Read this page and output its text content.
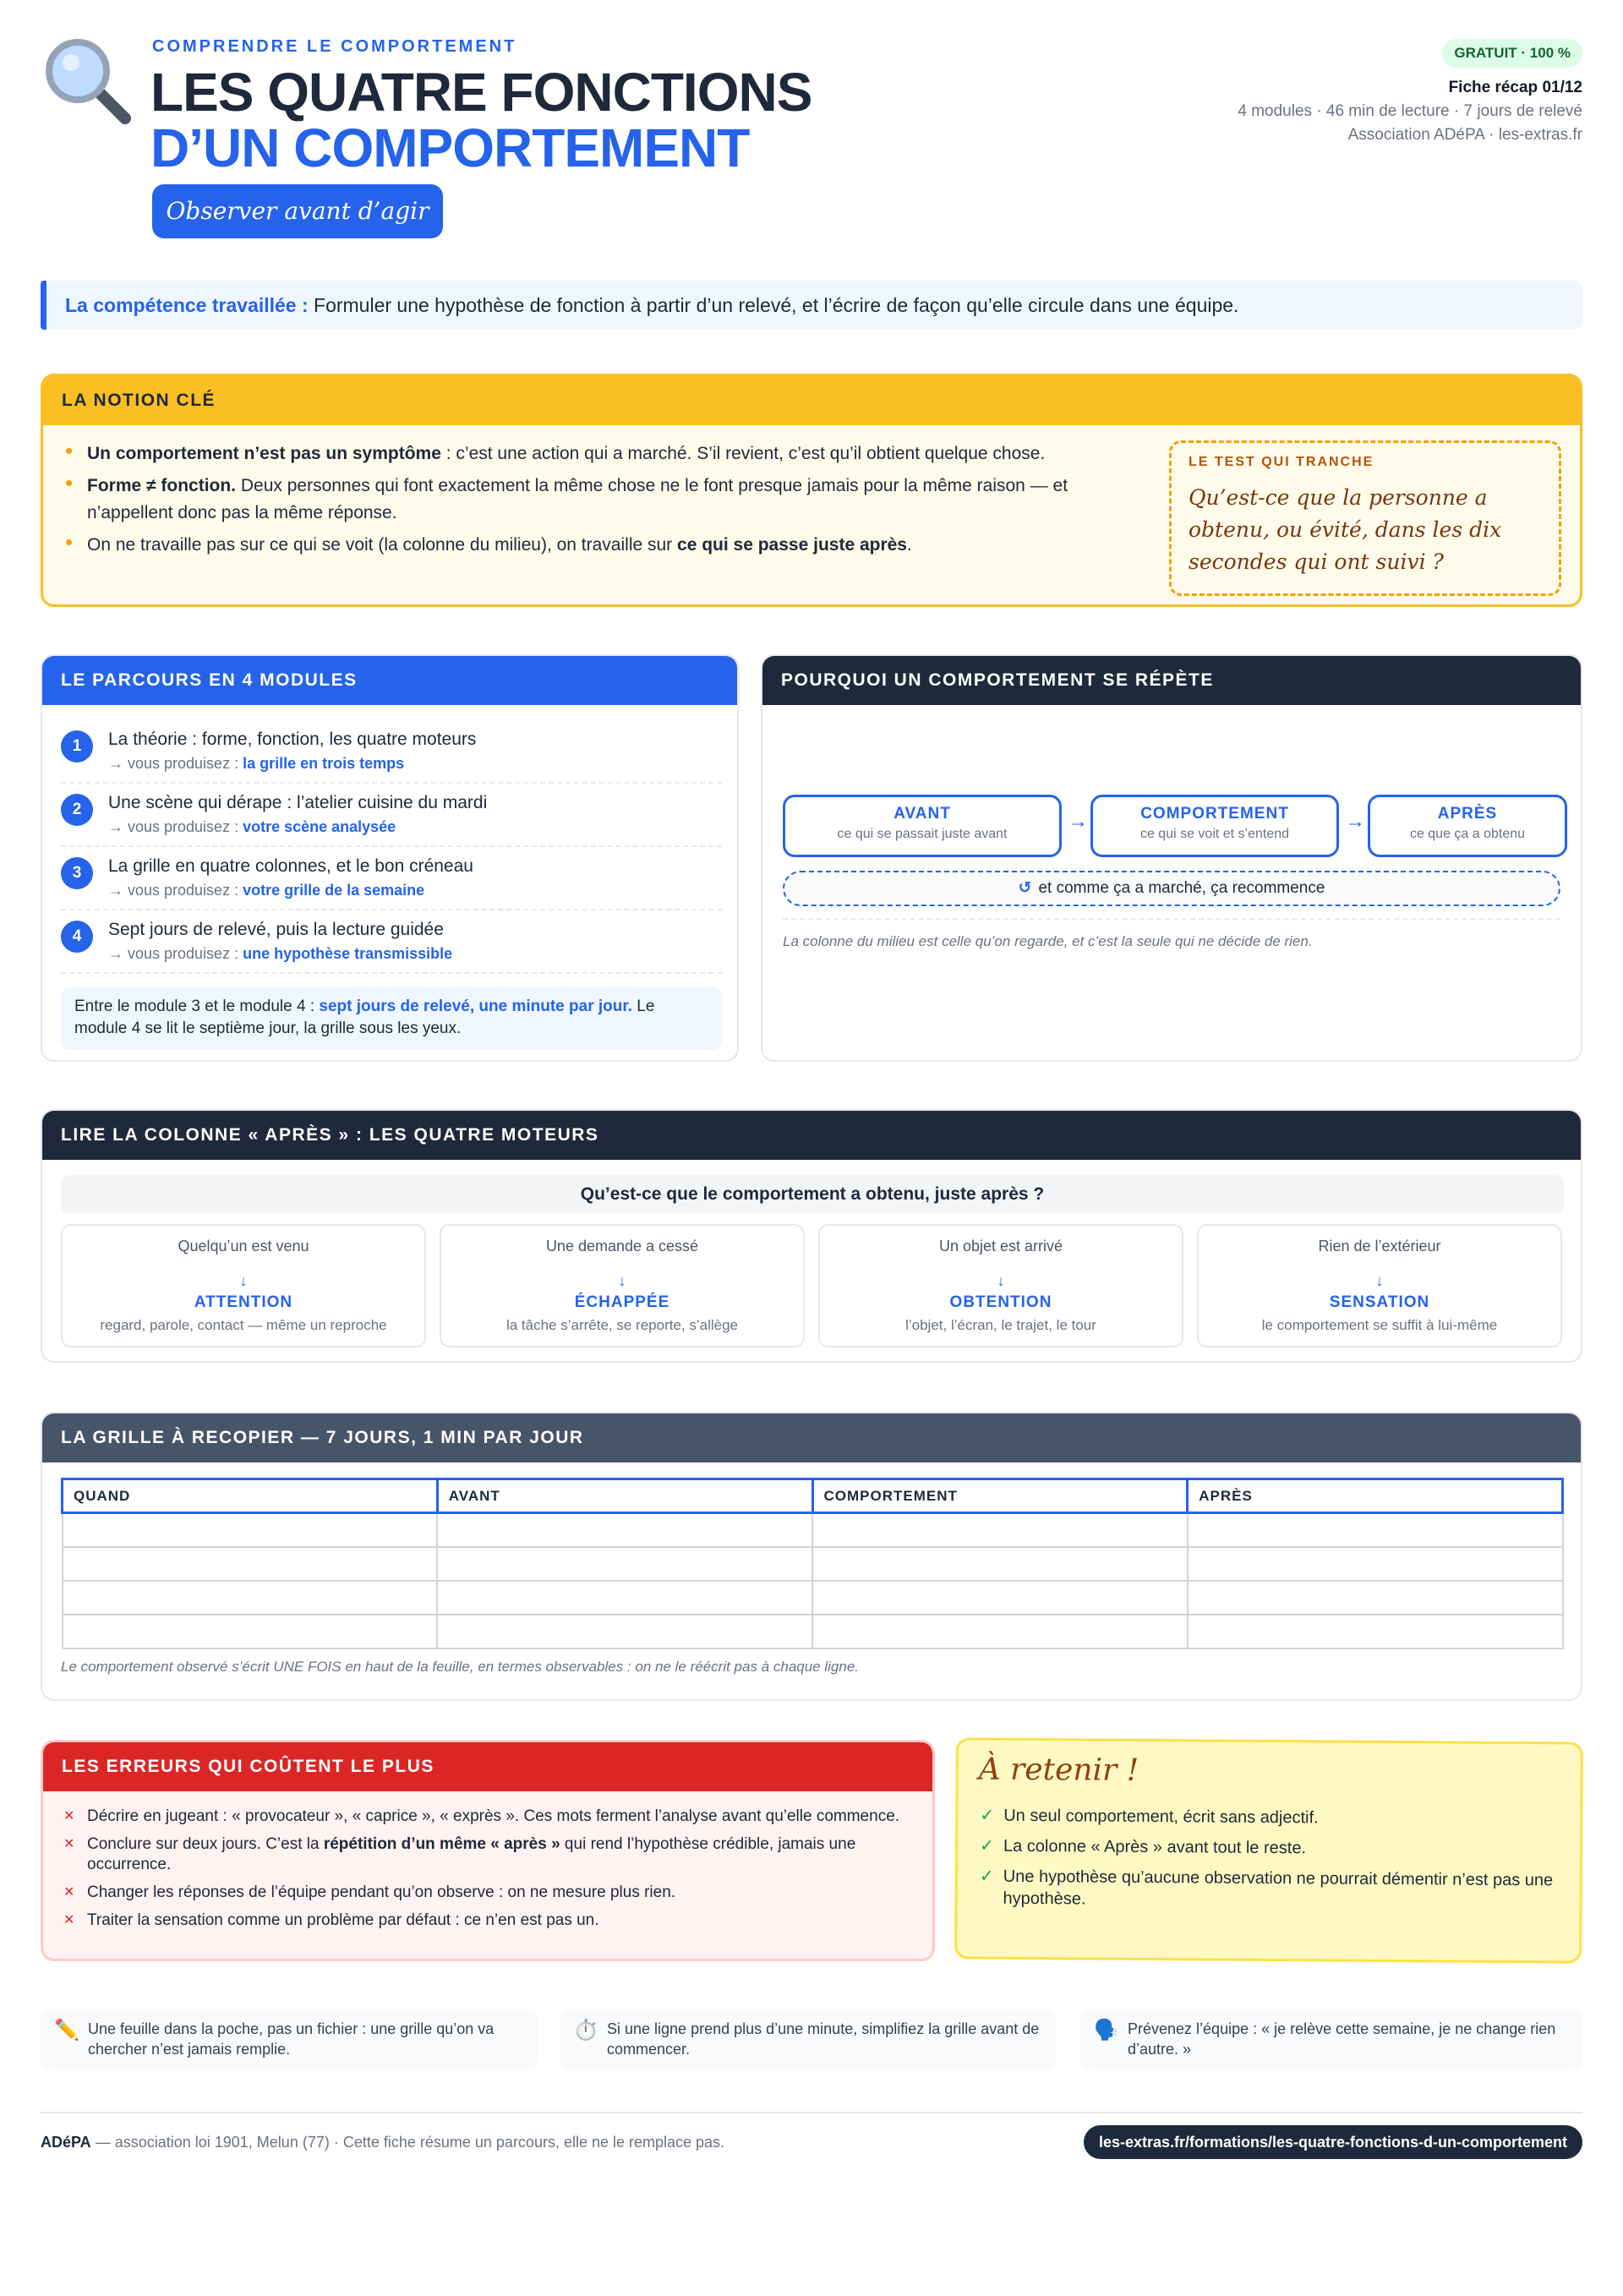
COMPRENDRE LE COMPORTEMENT
LES QUATRE FONCTIONS
D’UN COMPORTEMENT
Observer avant d’agir
GRATUIT · 100 %
Fiche récap 01/12
4 modules · 46 min de lecture · 7 jours de relevé
Association ADéPA · les-extras.fr
La compétence travaillée : Formuler une hypothèse de fonction à partir d’un relevé, et l’écrire de façon qu’elle circule dans une équipe.
LA NOTION CLÉ
• Un comportement n’est pas un symptôme : c’est une action qui a marché. S’il revient, c’est qu’il obtient quelque chose.
• Forme ≠ fonction. Deux personnes qui font exactement la même chose ne le font presque jamais pour la même raison — et n’appellent donc pas la même réponse.
• On ne travaille pas sur ce qui se voit (la colonne du milieu), on travaille sur ce qui se passe juste après.
LE TEST QUI TRANCHE
Qu’est-ce que la personne a obtenu, ou évité, dans les dix secondes qui ont suivi ?
LE PARCOURS EN 4 MODULES
1	La théorie : forme, fonction, les quatre moteurs
→ vous produisez : la grille en trois temps
2	Une scène qui dérape : l’atelier cuisine du mardi
→ vous produisez : votre scène analysée
3	La grille en quatre colonnes, et le bon créneau
→ vous produisez : votre grille de la semaine
4	Sept jours de relevé, puis la lecture guidée
→ vous produisez : une hypothèse transmissible
Entre le module 3 et le module 4 : sept jours de relevé, une minute par jour. Le module 4 se lit le septième jour, la grille sous les yeux.
POURQUOI UN COMPORTEMENT SE RÉPÈTE
AVANT
ce qui se passait juste avant
→	COMPORTEMENT
ce qui se voit et s’entend
→	APRÈS
ce que ça a obtenu
↺ et comme ça a marché, ça recommence
La colonne du milieu est celle qu’on regarde, et c’est la seule qui ne décide de rien.
LIRE LA COLONNE « APRÈS » : LES QUATRE MOTEURS
Qu’est-ce que le comportement a obtenu, juste après ?
Quelqu’un est venu
↓
ATTENTION
regard, parole, contact — même un reproche
Une demande a cessé
↓
ÉCHAPPÉE
la tâche s’arrête, se reporte, s’allège
Un objet est arrivé
↓
OBTENTION
l’objet, l’écran, le trajet, le tour
Rien de l’extérieur
↓
SENSATION
le comportement se suffit à lui-même
LA GRILLE À RECOPIER — 7 JOURS, 1 MIN PAR JOUR
QUAND	AVANT	COMPORTEMENT	APRÈS

Le comportement observé s’écrit UNE FOIS en haut de la feuille, en termes observables : on ne le réécrit pas à chaque ligne.
LES ERREURS QUI COÛTENT LE PLUS
✕ Décrire en jugeant : « provocateur », « caprice », « exprès ». Ces mots ferment l’analyse avant qu’elle commence.
✕ Conclure sur deux jours. C’est la répétition d’un même « après » qui rend l’hypothèse crédible, jamais une occurrence.
✕ Changer les réponses de l’équipe pendant qu’on observe : on ne mesure plus rien.
✕ Traiter la sensation comme un problème par défaut : ce n’en est pas un.
À retenir !
✓ Un seul comportement, écrit sans adjectif.
✓ La colonne « Après » avant tout le reste.
✓ Une hypothèse qu’aucune observation ne pourrait démentir n’est pas une hypothèse.
✏️ Une feuille dans la poche, pas un fichier : une grille qu’on va chercher n’est jamais remplie.
⏱️ Si une ligne prend plus d’une minute, simplifiez la grille avant de commencer.
🗣️ Prévenez l’équipe : « je relève cette semaine, je ne change rien d’autre. »
ADéPA — association loi 1901, Melun (77) · Cette fiche résume un parcours, elle ne le remplace pas.	les-extras.fr/formations/les-quatre-fonctions-d-un-comportement
